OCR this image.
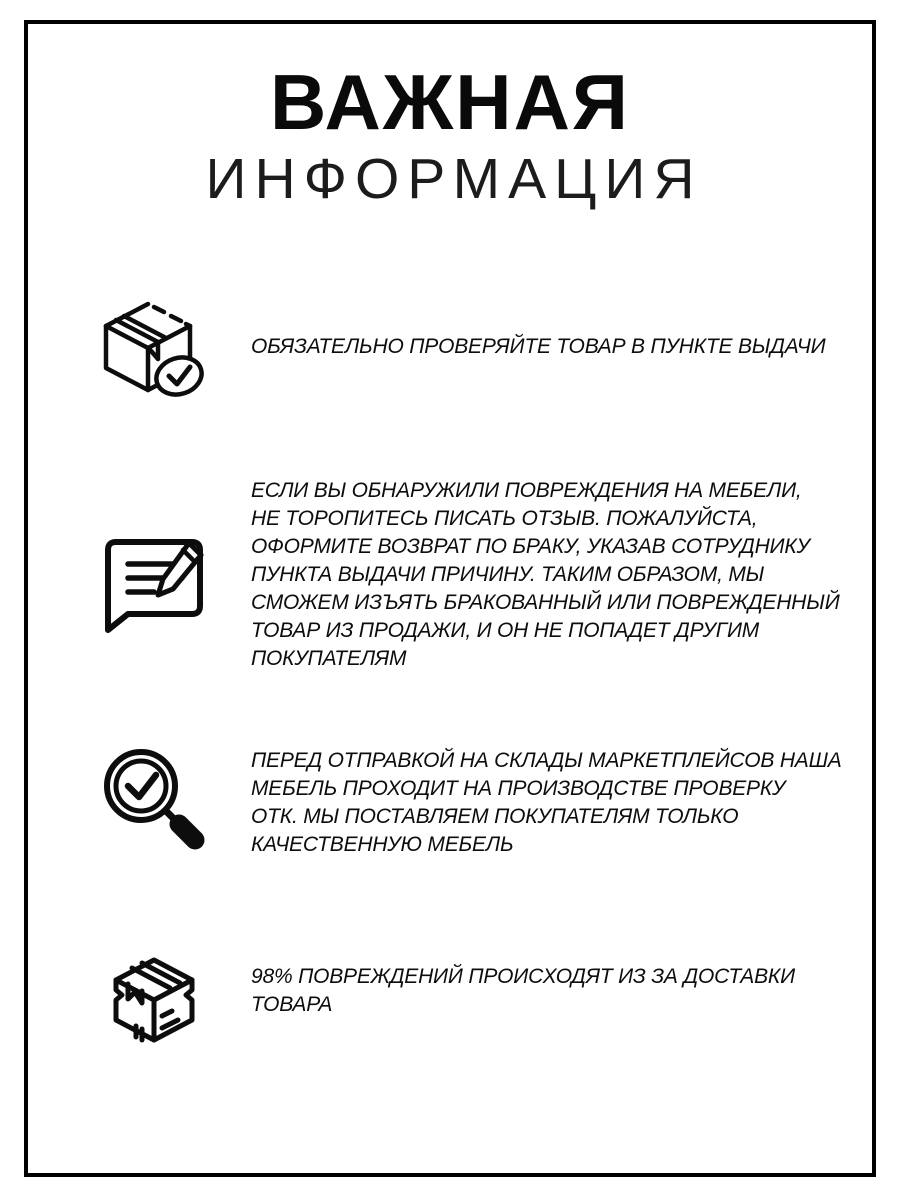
ВАЖНАЯ
ИНФОРМАЦИЯ
ОБЯЗАТЕЛЬНО ПРОВЕРЯЙТЕ ТОВАР В ПУНКТЕ ВЫДАЧИ
ЕСЛИ ВЫ ОБНАРУЖИЛИ ПОВРЕЖДЕНИЯ НА МЕБЕЛИ,
НЕ ТОРОПИТЕСЬ ПИСАТЬ ОТЗЫВ. ПОЖАЛУЙСТА,
ОФОРМИТЕ ВОЗВРАТ ПО БРАКУ, УКАЗАВ СОТРУДНИКУ
ПУНКТА ВЫДАЧИ ПРИЧИНУ. ТАКИМ ОБРАЗОМ, МЫ
СМОЖЕМ ИЗЪЯТЬ БРАКОВАННЫЙ ИЛИ ПОВРЕЖДЕННЫЙ
ТОВАР ИЗ ПРОДАЖИ, И ОН НЕ ПОПАДЕТ ДРУГИМ
ПОКУПАТЕЛЯМ
ПЕРЕД ОТПРАВКОЙ НА СКЛАДЫ МАРКЕТПЛЕЙСОВ НАША
МЕБЕЛЬ ПРОХОДИТ НА ПРОИЗВОДСТВЕ ПРОВЕРКУ
ОТК. МЫ ПОСТАВЛЯЕМ ПОКУПАТЕЛЯМ ТОЛЬКО
КАЧЕСТВЕННУЮ МЕБЕЛЬ
98% ПОВРЕЖДЕНИЙ ПРОИСХОДЯТ ИЗ ЗА ДОСТАВКИ
ТОВАРА
